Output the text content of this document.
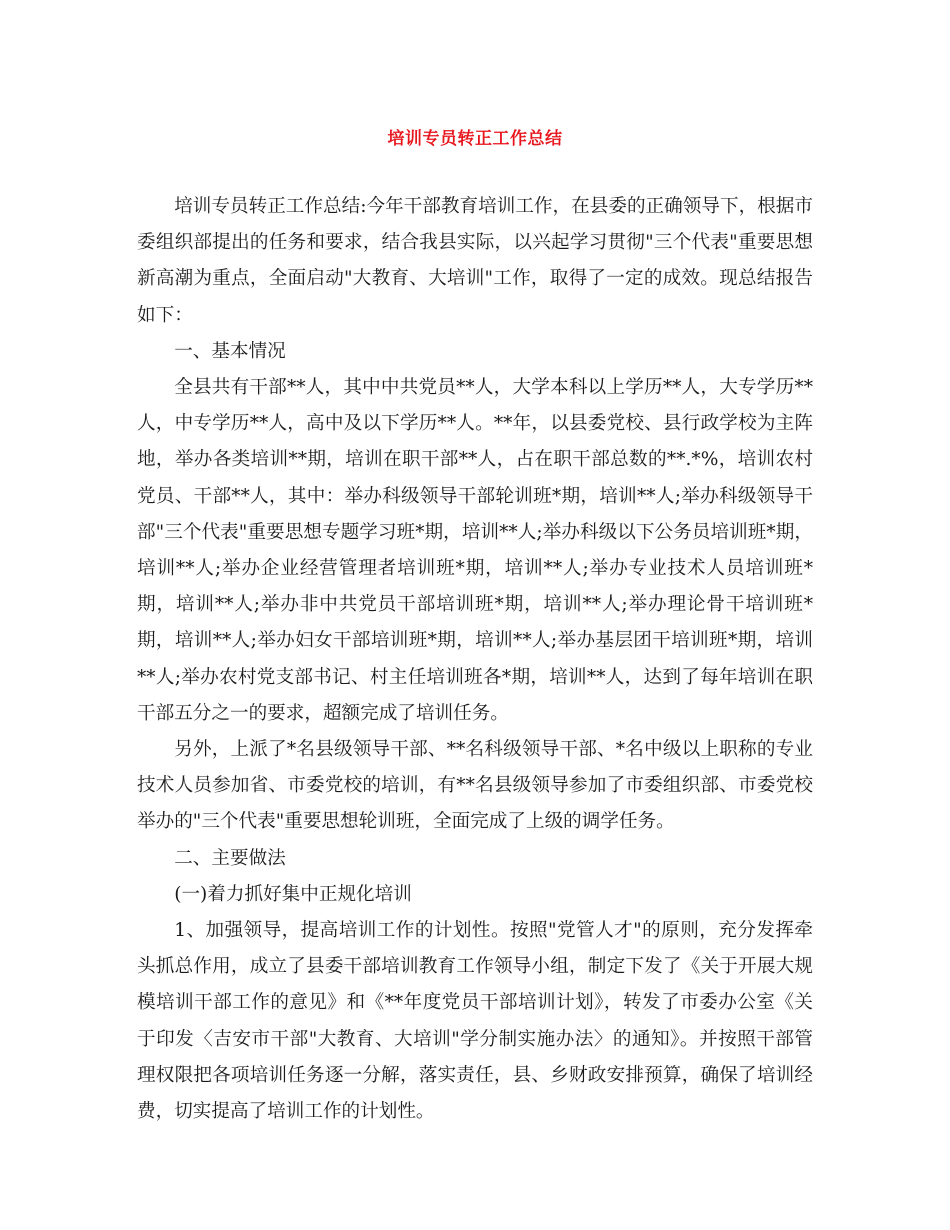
培训专员转正工作总结

培训专员转正工作总结:今年干部教育培训工作，在县委的正确领导下，根据市委组织部提出的任务和要求，结合我县实际，以兴起学习贯彻"三个代表"重要思想新高潮为重点，全面启动"大教育、大培训"工作，取得了一定的成效。现总结报告如下：

一、基本情况

全县共有干部**人，其中中共党员**人，大学本科以上学历**人，大专学历**人，中专学历**人，高中及以下学历**人。**年，以县委党校、县行政学校为主阵地，举办各类培训**期，培训在职干部**人，占在职干部总数的**.*%，培训农村党员、干部**人，其中：举办科级领导干部轮训班*期，培训**人;举办科级领导干部"三个代表"重要思想专题学习班*期，培训**人;举办科级以下公务员培训班*期，培训**人;举办企业经营管理者培训班*期，培训**人;举办专业技术人员培训班*期，培训**人;举办非中共党员干部培训班*期，培训**人;举办理论骨干培训班*期，培训**人;举办妇女干部培训班*期，培训**人;举办基层团干培训班*期，培训**人;举办农村党支部书记、村主任培训班各*期，培训**人，达到了每年培训在职干部五分之一的要求，超额完成了培训任务。

另外，上派了*名县级领导干部、**名科级领导干部、*名中级以上职称的专业技术人员参加省、市委党校的培训，有**名县级领导参加了市委组织部、市委党校举办的"三个代表"重要思想轮训班，全面完成了上级的调学任务。

二、主要做法

(一)着力抓好集中正规化培训

1、加强领导，提高培训工作的计划性。按照"党管人才"的原则，充分发挥牵头抓总作用，成立了县委干部培训教育工作领导小组，制定下发了《关于开展大规模培训干部工作的意见》和《**年度党员干部培训计划》，转发了市委办公室《关于印发〈吉安市干部"大教育、大培训"学分制实施办法〉的通知》。并按照干部管理权限把各项培训任务逐一分解，落实责任，县、乡财政安排预算，确保了培训经费，切实提高了培训工作的计划性。
